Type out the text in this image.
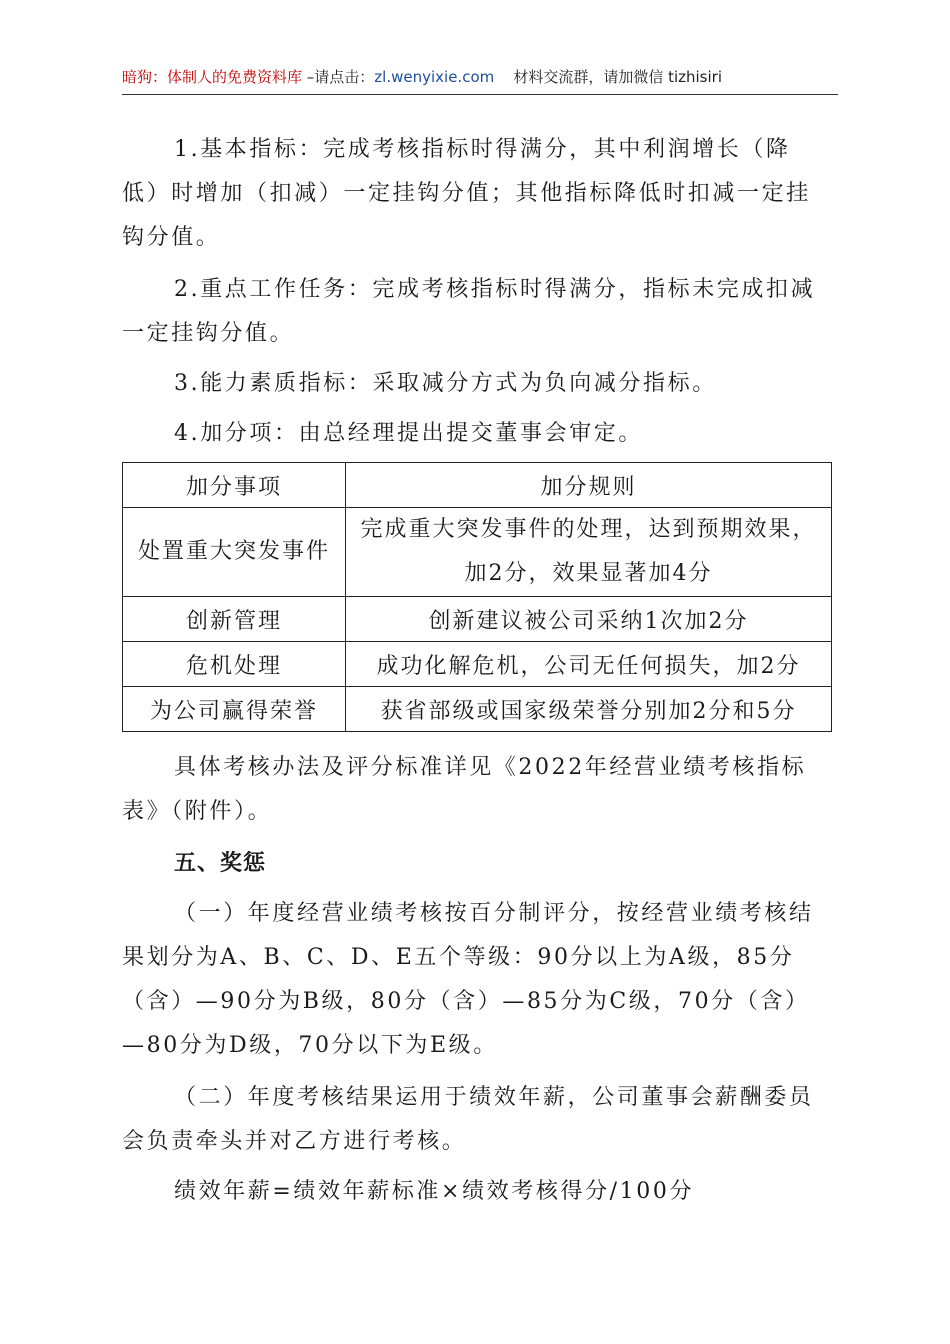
暗狗：体制人的免费资料库 –请点击：zl.wenyixie.com 材料交流群，请加微信 tizhisiri

1.基本指标：完成考核指标时得满分，其中利润增长（降低）时增加（扣减）一定挂钩分值；其他指标降低时扣减一定挂钩分值。

2.重点工作任务：完成考核指标时得满分，指标未完成扣减一定挂钩分值。

3.能力素质指标：采取减分方式为负向减分指标。

4.加分项：由总经理提出提交董事会审定。

加分事项	加分规则
处置重大突发事件	完成重大突发事件的处理，达到预期效果，加2分，效果显著加4分
创新管理	创新建议被公司采纳1次加2分
危机处理	成功化解危机，公司无任何损失，加2分
为公司赢得荣誉	获省部级或国家级荣誉分别加2分和5分

具体考核办法及评分标准详见《2022年经营业绩考核指标表》（附件）。

五、奖惩

（一）年度经营业绩考核按百分制评分，按经营业绩考核结果划分为A、B、C、D、E五个等级：90分以上为A级，85分（含）—90分为B级，80分（含）—85分为C级，70分（含）—80分为D级，70分以下为E级。

（二）年度考核结果运用于绩效年薪，公司董事会薪酬委员会负责牵头并对乙方进行考核。

绩效年薪=绩效年薪标准×绩效考核得分/100分
